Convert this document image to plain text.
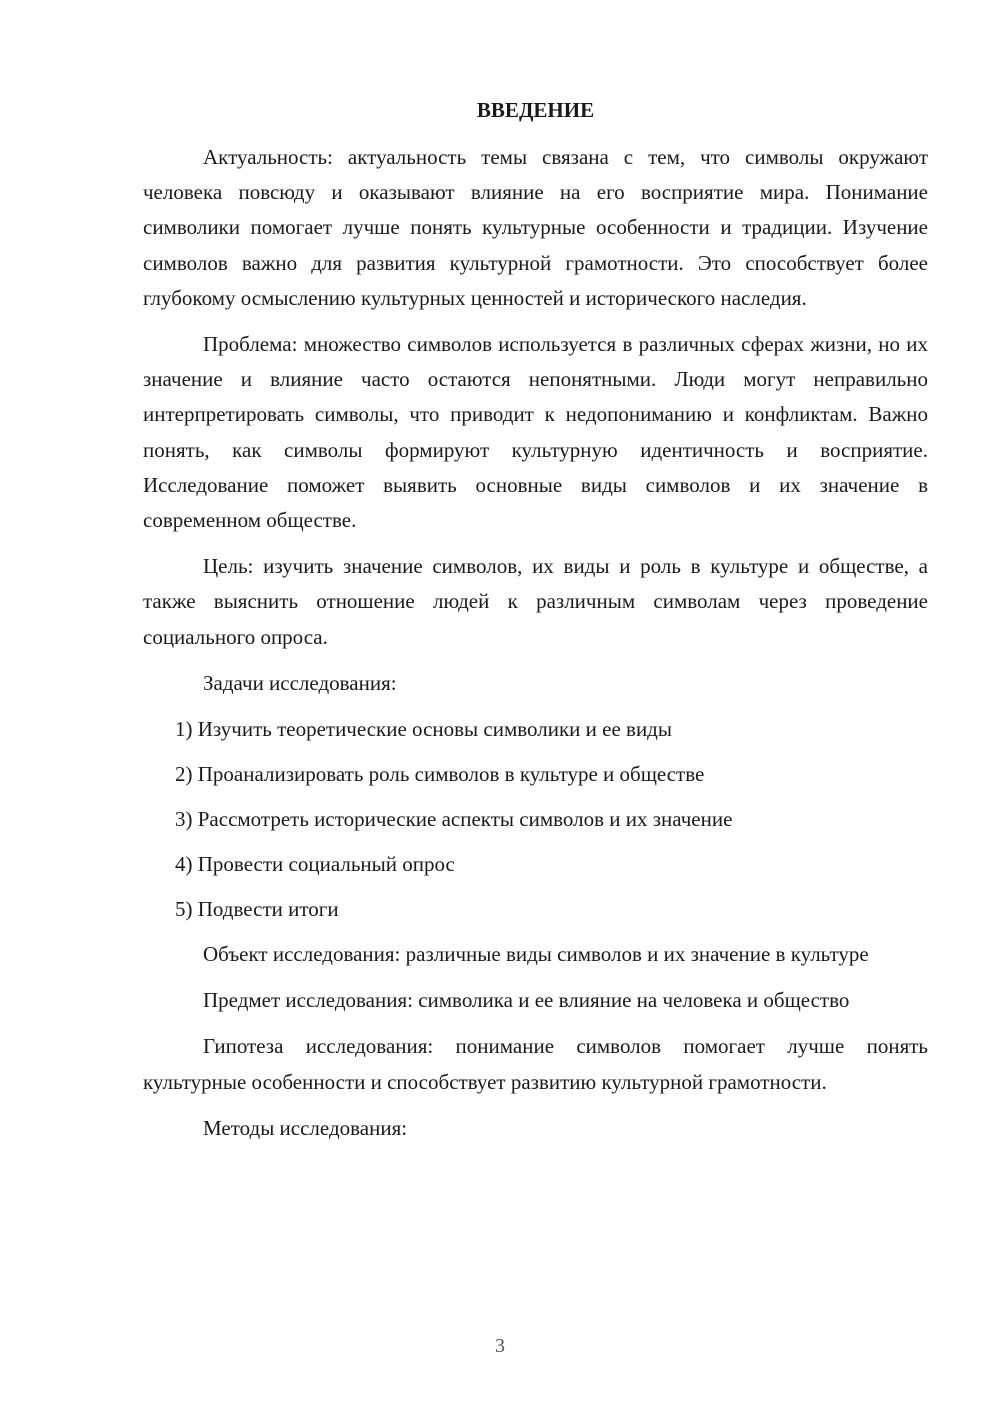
ВВЕДЕНИЕ

Актуальность: актуальность темы связана с тем, что символы окружают человека повсюду и оказывают влияние на его восприятие мира. Понимание символики помогает лучше понять культурные особенности и традиции. Изучение символов важно для развития культурной грамотности. Это способствует более глубокому осмыслению культурных ценностей и исторического наследия.

Проблема: множество символов используется в различных сферах жизни, но их значение и влияние часто остаются непонятными. Люди могут неправильно интерпретировать символы, что приводит к недопониманию и конфликтам. Важно понять, как символы формируют культурную идентичность и восприятие. Исследование поможет выявить основные виды символов и их значение в современном обществе.

Цель: изучить значение символов, их виды и роль в культуре и обществе, а также выяснить отношение людей к различным символам через проведение социального опроса.

Задачи исследования:

1) Изучить теоретические основы символики и ее виды
2) Проанализировать роль символов в культуре и обществе
3) Рассмотреть исторические аспекты символов и их значение
4) Провести социальный опрос
5) Подвести итоги

Объект исследования: различные виды символов и их значение в культуре

Предмет исследования: символика и ее влияние на человека и общество

Гипотеза исследования: понимание символов помогает лучше понять культурные особенности и способствует развитию культурной грамотности.

Методы исследования:

3
